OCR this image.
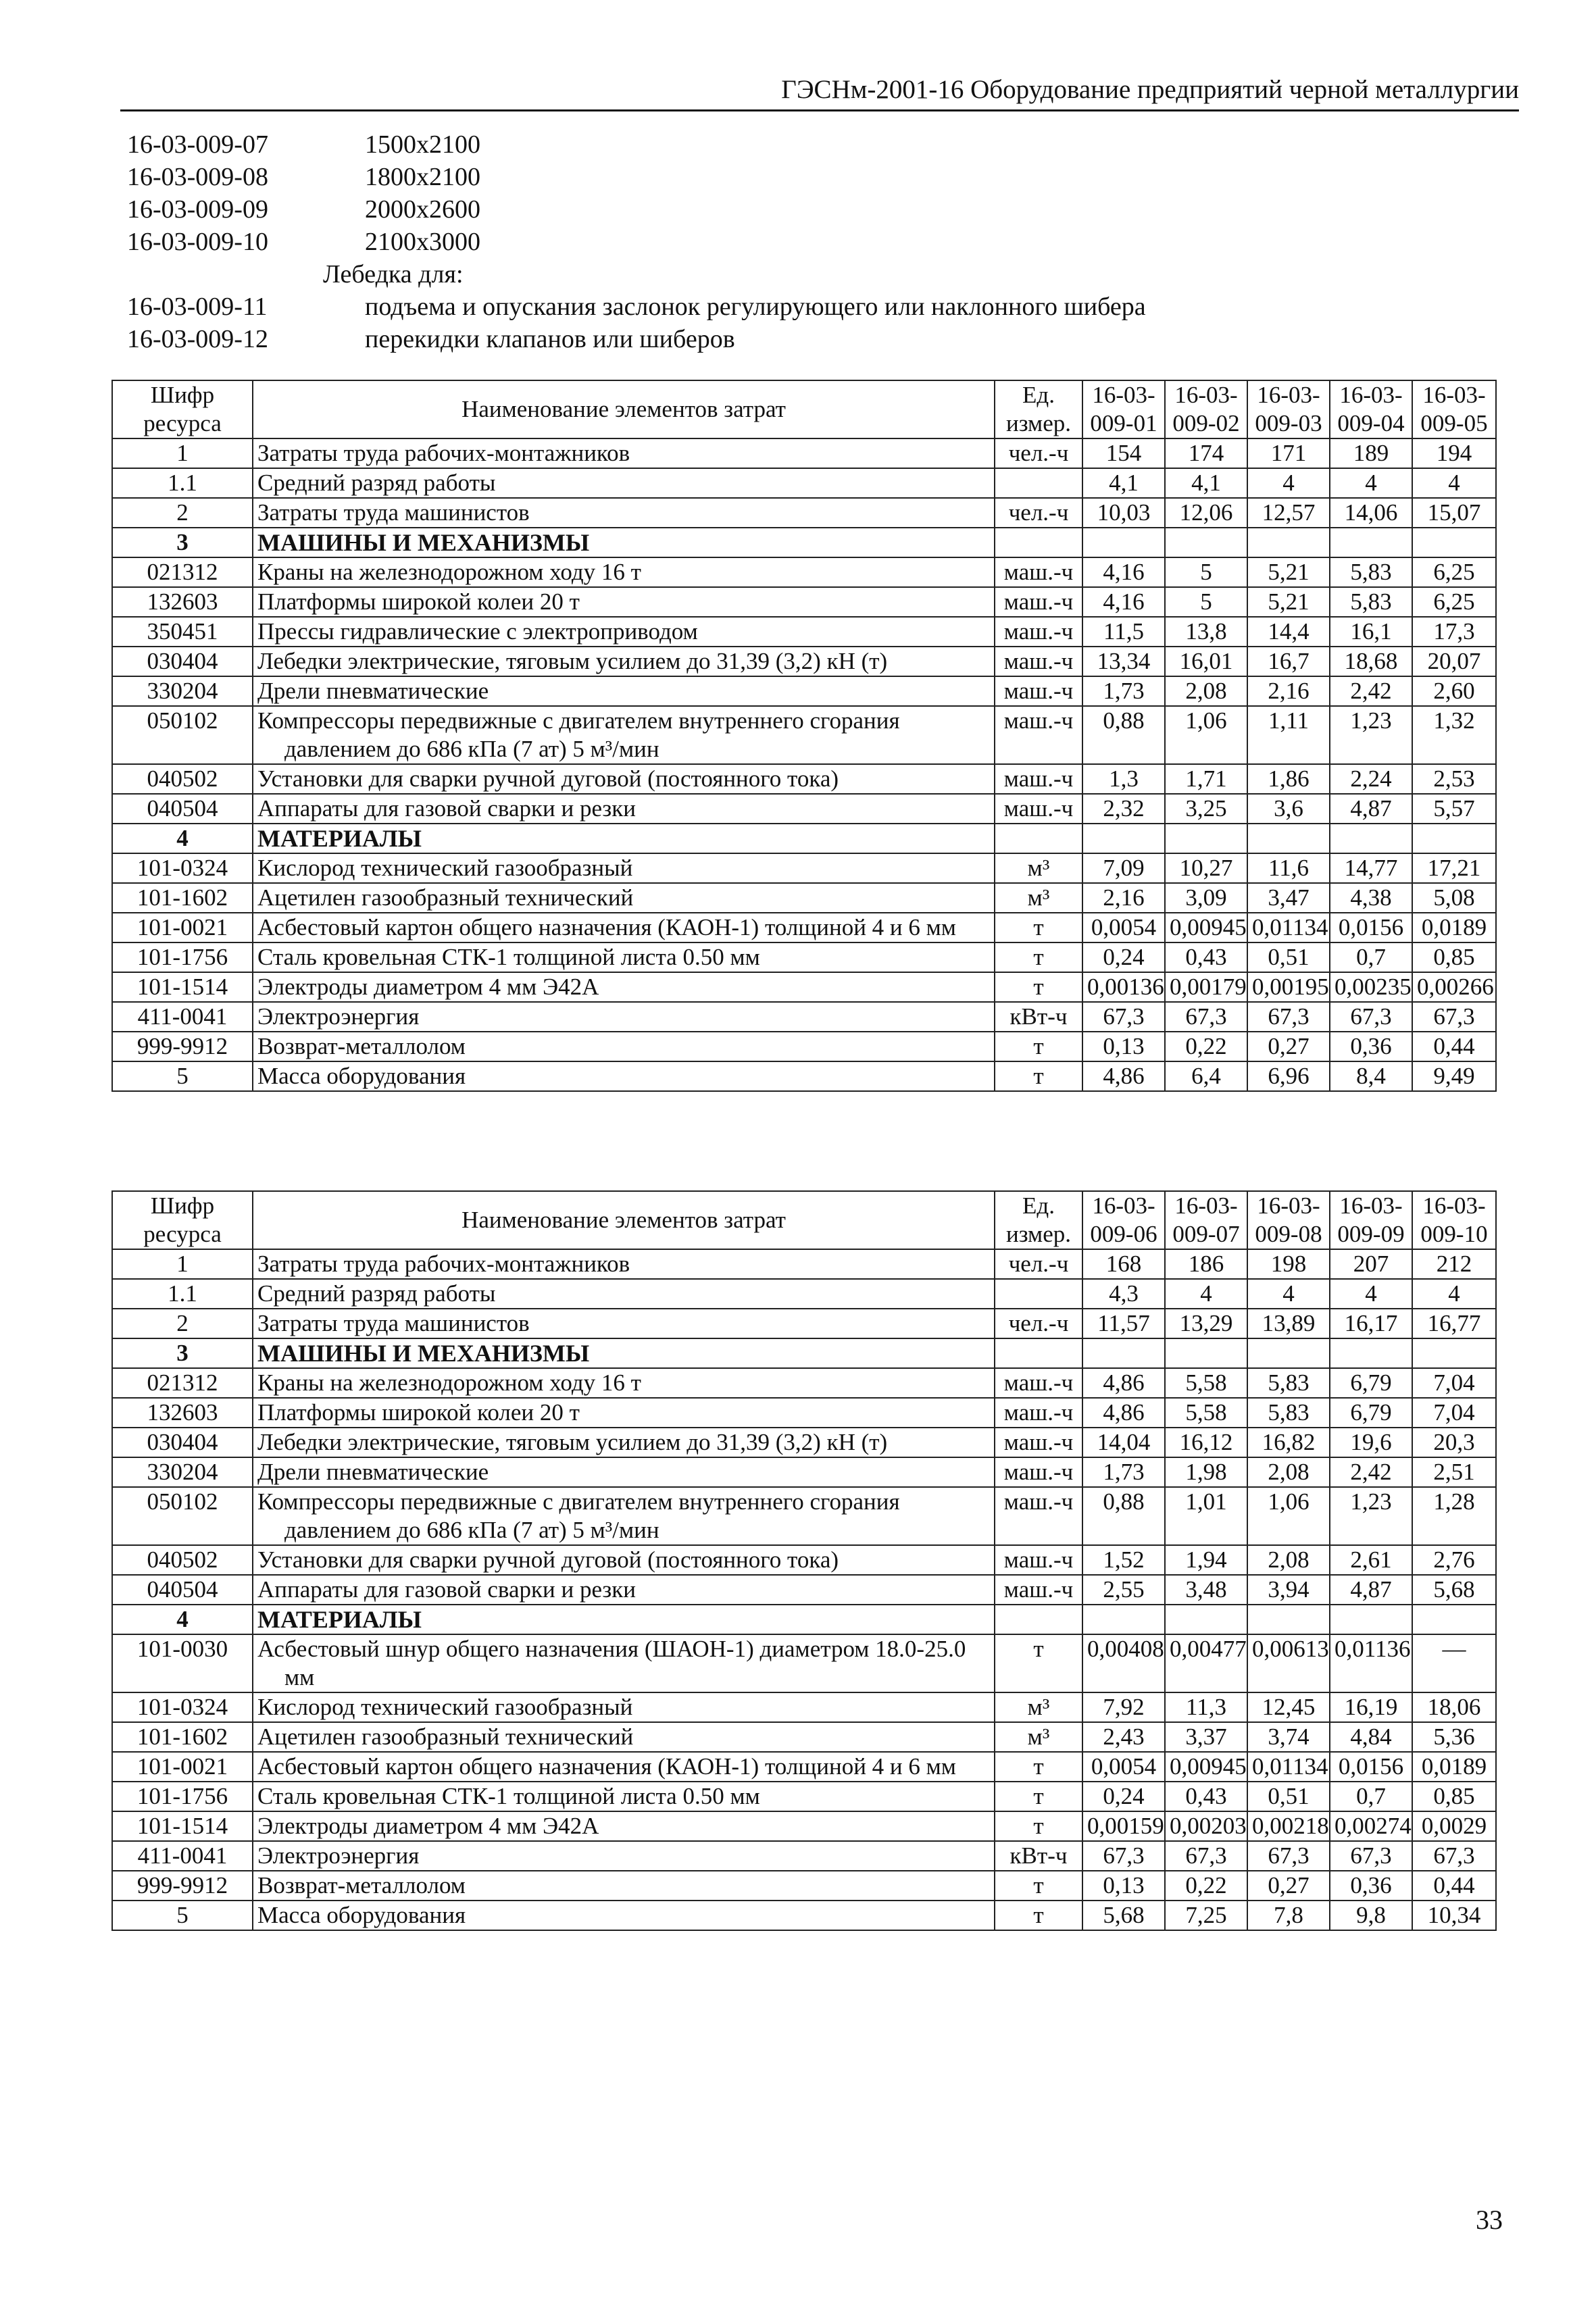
ГЭСНм-2001-16 Оборудование предприятий черной металлургии
16-03-009-07	1500x2100
16-03-009-08	1800x2100
16-03-009-09	2000x2600
16-03-009-10	2100x3000
Лебедка для:
16-03-009-11	подъема и опускания заслонок регулирующего или наклонного шибера
16-03-009-12	перекидки клапанов или шиберов
Шифр ресурса	Наименование элементов затрат	Ед. измер.	16-03-009-01	16-03-009-02	16-03-009-03	16-03-009-04	16-03-009-05
1	Затраты труда рабочих-монтажников	чел.-ч	154	174	171	189	194
1.1	Средний разряд работы		4,1	4,1	4	4	4
2	Затраты труда машинистов	чел.-ч	10,03	12,06	12,57	14,06	15,07
3	МАШИНЫ И МЕХАНИЗМЫ						

021312	Краны на железнодорожном ходу 16 т	маш.-ч	4,16	5	5,21	5,83	6,25
132603	Платформы широкой колеи 20 т	маш.-ч	4,16	5	5,21	5,83	6,25
350451	Прессы гидравлические с электроприводом	маш.-ч	11,5	13,8	14,4	16,1	17,3
030404	Лебедки электрические, тяговым усилием до 31,39 (3,2) кН (т)	маш.-ч	13,34	16,01	16,7	18,68	20,07
330204	Дрели пневматические	маш.-ч	1,73	2,08	2,16	2,42	2,60
050102	Компрессоры передвижные с двигателем внутреннего сгорания давлением до 686 кПа (7 ат) 5 м³/мин	маш.-ч	0,88	1,06	1,11	1,23	1,32
040502	Установки для сварки ручной дуговой (постоянного тока)	маш.-ч	1,3	1,71	1,86	2,24	2,53
040504	Аппараты для газовой сварки и резки	маш.-ч	2,32	3,25	3,6	4,87	5,57
4	МАТЕРИАЛЫ						

101-0324	Кислород технический газообразный	м³	7,09	10,27	11,6	14,77	17,21
101-1602	Ацетилен газообразный технический	м³	2,16	3,09	3,47	4,38	5,08
101-0021	Асбестовый картон общего назначения (КАОН-1) толщиной 4 и 6 мм	т	0,0054	0,00945	0,01134	0,0156	0,0189
101-1756	Сталь кровельная СТК-1 толщиной листа 0.50 мм	т	0,24	0,43	0,51	0,7	0,85
101-1514	Электроды диаметром 4 мм Э42А	т	0,00136	0,00179	0,00195	0,00235	0,00266
411-0041	Электроэнергия	кВт-ч	67,3	67,3	67,3	67,3	67,3
999-9912	Возврат-металлолом	т	0,13	0,22	0,27	0,36	0,44
5	Масса оборудования	т	4,86	6,4	6,96	8,4	9,49
Шифр ресурса	Наименование элементов затрат	Ед. измер.	16-03-009-06	16-03-009-07	16-03-009-08	16-03-009-09	16-03-009-10
1	Затраты труда рабочих-монтажников	чел.-ч	168	186	198	207	212
1.1	Средний разряд работы		4,3	4	4	4	4
2	Затраты труда машинистов	чел.-ч	11,57	13,29	13,89	16,17	16,77
3	МАШИНЫ И МЕХАНИЗМЫ						

021312	Краны на железнодорожном ходу 16 т	маш.-ч	4,86	5,58	5,83	6,79	7,04
132603	Платформы широкой колеи 20 т	маш.-ч	4,86	5,58	5,83	6,79	7,04
030404	Лебедки электрические, тяговым усилием до 31,39 (3,2) кН (т)	маш.-ч	14,04	16,12	16,82	19,6	20,3
330204	Дрели пневматические	маш.-ч	1,73	1,98	2,08	2,42	2,51
050102	Компрессоры передвижные с двигателем внутреннего сгорания давлением до 686 кПа (7 ат) 5 м³/мин	маш.-ч	0,88	1,01	1,06	1,23	1,28
040502	Установки для сварки ручной дуговой (постоянного тока)	маш.-ч	1,52	1,94	2,08	2,61	2,76
040504	Аппараты для газовой сварки и резки	маш.-ч	2,55	3,48	3,94	4,87	5,68
4	МАТЕРИАЛЫ						

101-0030	Асбестовый шнур общего назначения (ШАОН-1) диаметром 18.0-25.0 мм	т	0,00408	0,00477	0,00613	0,01136	—
101-0324	Кислород технический газообразный	м³	7,92	11,3	12,45	16,19	18,06
101-1602	Ацетилен газообразный технический	м³	2,43	3,37	3,74	4,84	5,36
101-0021	Асбестовый картон общего назначения (КАОН-1) толщиной 4 и 6 мм	т	0,0054	0,00945	0,01134	0,0156	0,0189
101-1756	Сталь кровельная СТК-1 толщиной листа 0.50 мм	т	0,24	0,43	0,51	0,7	0,85
101-1514	Электроды диаметром 4 мм Э42А	т	0,00159	0,00203	0,00218	0,00274	0,0029
411-0041	Электроэнергия	кВт-ч	67,3	67,3	67,3	67,3	67,3
999-9912	Возврат-металлолом	т	0,13	0,22	0,27	0,36	0,44
5	Масса оборудования	т	5,68	7,25	7,8	9,8	10,34
33
